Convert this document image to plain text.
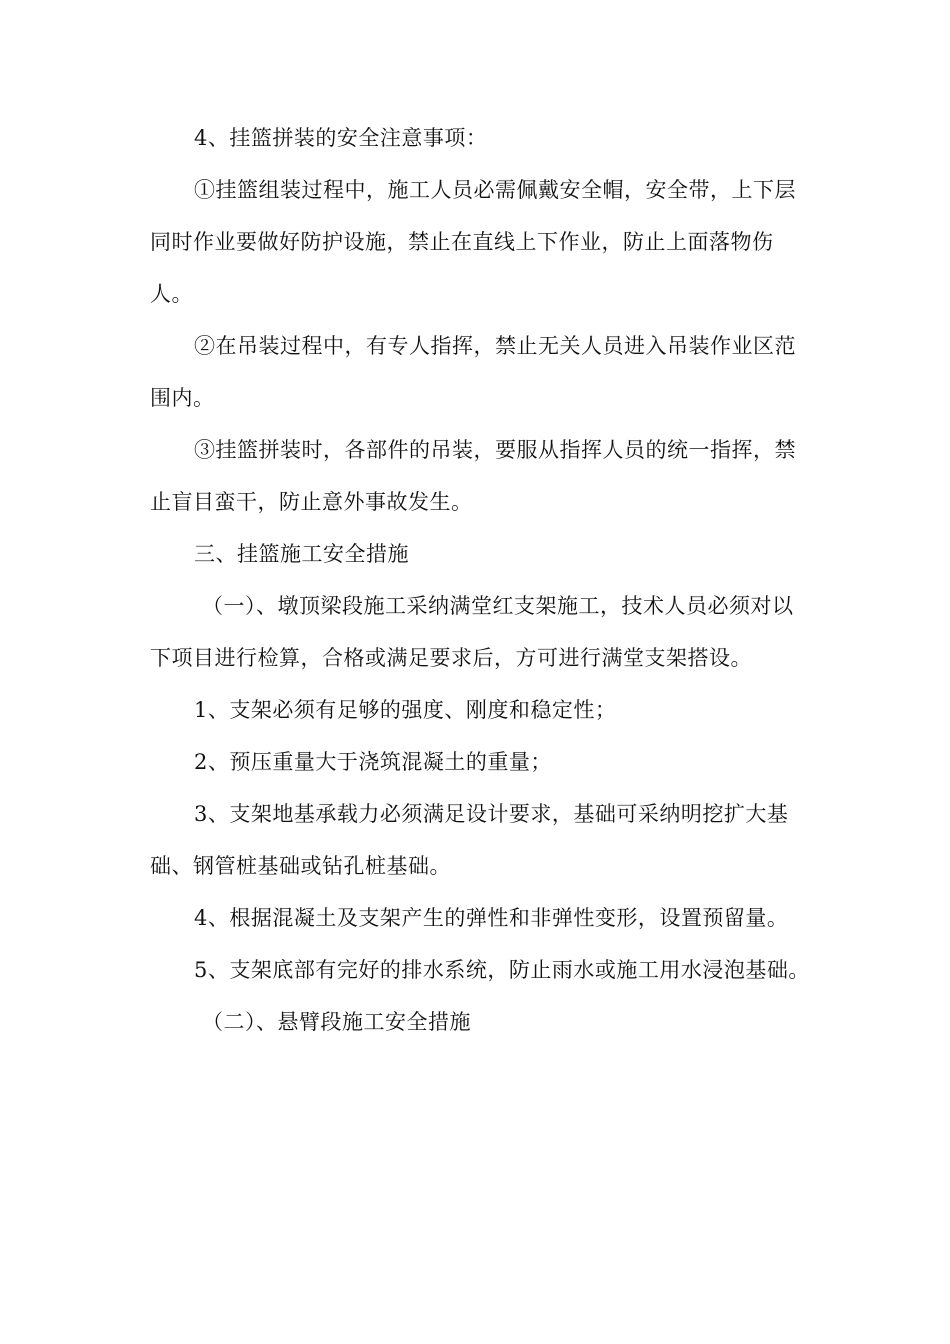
4、挂篮拼装的安全注意事项：

①挂篮组装过程中，施工人员必需佩戴安全帽，安全带，上下层同时作业要做好防护设施，禁止在直线上下作业，防止上面落物伤人。

②在吊装过程中，有专人指挥，禁止无关人员进入吊装作业区范围内。

③挂篮拼装时，各部件的吊装，要服从指挥人员的统一指挥，禁止盲目蛮干，防止意外事故发生。

三、挂篮施工安全措施

（一）、墩顶梁段施工采纳满堂红支架施工，技术人员必须对以下项目进行检算，合格或满足要求后，方可进行满堂支架搭设。

1、支架必须有足够的强度、刚度和稳定性；

2、预压重量大于浇筑混凝土的重量；

3、支架地基承载力必须满足设计要求，基础可采纳明挖扩大基础、钢管桩基础或钻孔桩基础。

4、根据混凝土及支架产生的弹性和非弹性变形，设置预留量。

5、支架底部有完好的排水系统，防止雨水或施工用水浸泡基础。

（二）、悬臂段施工安全措施
